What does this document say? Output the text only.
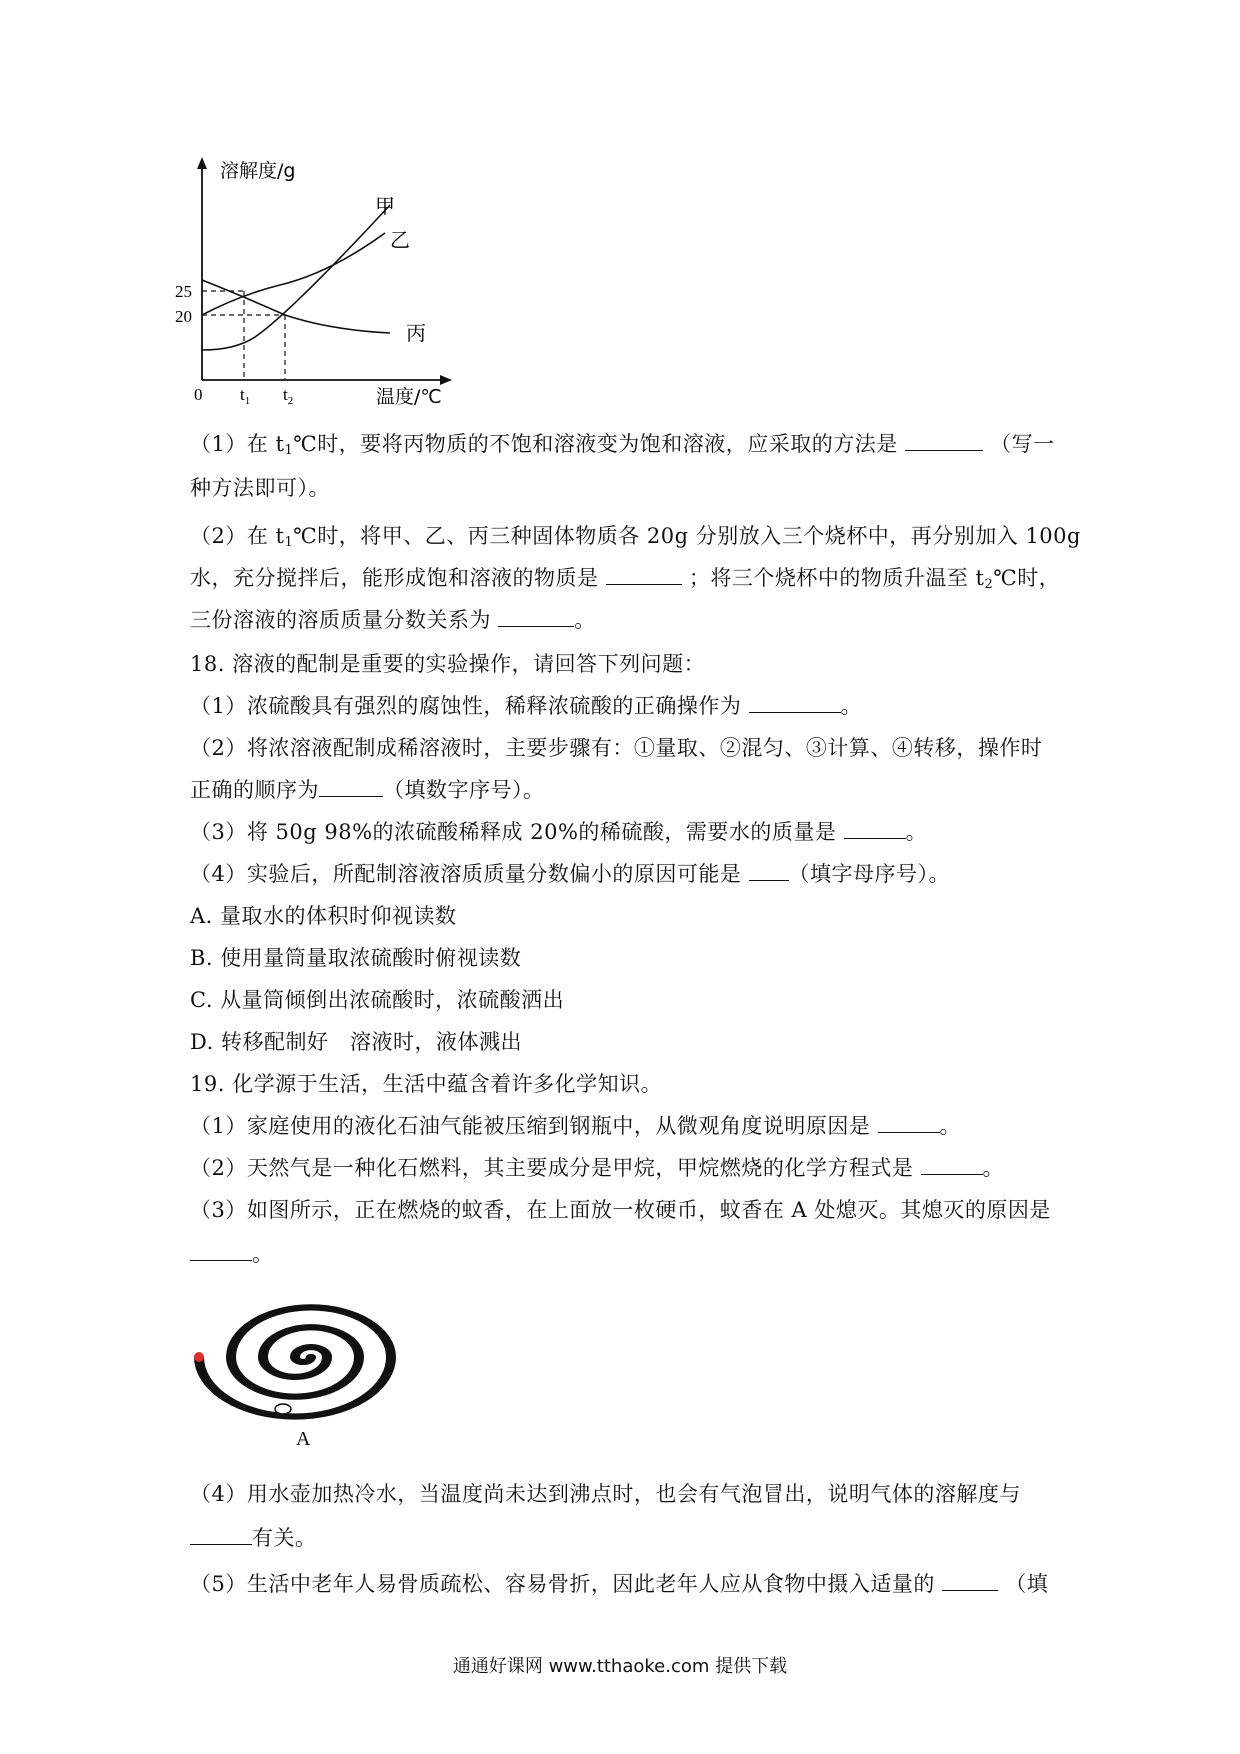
溶解度/g
温度/℃
0
25
20
$t_1$ $t_2$
甲
乙
丙
（1）在 $t_1℃$时，要将丙物质的不饱和溶液变为饱和溶液，应采取的方法是	（写一
种方法即可）。
（2）在 $t_1℃$时，将甲、乙、丙三种固体物质各 20g 分别放入三个烧杯中，再分别加入 100g
水，充分搅拌后，能形成饱和溶液的物质是	；将三个烧杯中的物质升温至 $t_2℃$时，
三份溶液的溶质质量分数关系为	。
18. 溶液的配制是重要的实验操作，请回答下列问题：
（1）浓硫酸具有强烈的腐蚀性，稀释浓硫酸的正确操作为	。
（2）将浓溶液配制成稀溶液时，主要步骤有：①量取、②混匀、③计算、④转移，操作时
正确的顺序为	（填数字序号）。
（3）将 50g 98%的浓硫酸稀释成 20%的稀硫酸，需要水的质量是	。
（4）实验后，所配制溶液溶质质量分数偏小的原因可能是 （填字母序号）。
A. 量取水的体积时仰视读数
B. 使用量筒量取浓硫酸时俯视读数
C. 从量筒倾倒出浓硫酸时，浓硫酸洒出
D. 转移配制好　溶液时，液体溅出
19. 化学源于生活，生活中蕴含着许多化学知识。
（1）家庭使用的液化石油气能被压缩到钢瓶中，从微观角度说明原因是	。
（2）天然气是一种化石燃料，其主要成分是甲烷，甲烷燃烧的化学方程式是	。
（3）如图所示，正在燃烧的蚊香，在上面放一枚硬币，蚊香在 A 处熄灭。其熄灭的原因是
。
A
（4）用水壶加热冷水，当温度尚未达到沸点时，也会有气泡冒出，说明气体的溶解度与
有关。
（5）生活中老年人易骨质疏松、容易骨折，因此老年人应从食物中摄入适量的	（填
通通好课网 www.tthaoke.com 提供下载
